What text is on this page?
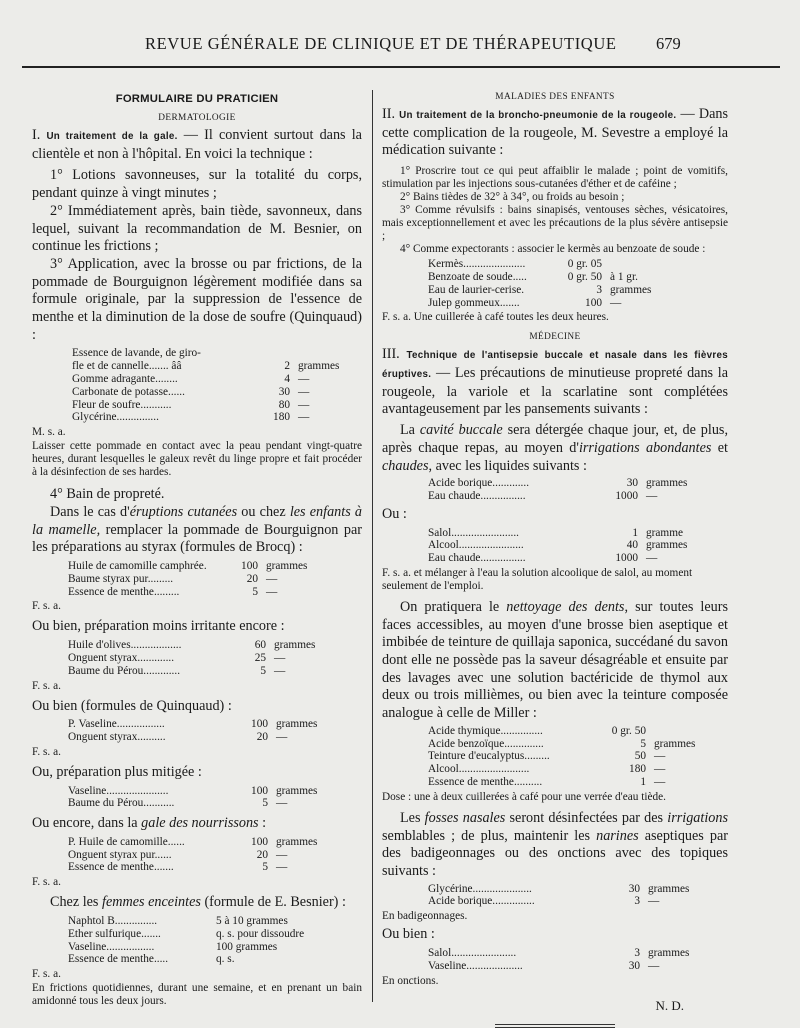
REVUE GÉNÉRALE DE CLINIQUE ET DE THÉRAPEUTIQUE 679
FORMULAIRE DU PRATICIEN
DERMATOLOGIE

I. Un traitement de la gale. — Il convient surtout dans la clientèle et non à l'hôpital. En voici la technique :

1° Lotions savonneuses, sur la totalité du corps, pendant quinze à vingt minutes ;

2° Immédiatement après, bain tiède, savonneux, dans lequel, suivant la recommandation de M. Besnier, on continue les frictions ;

3° Application, avec la brosse ou par frictions, de la pommade de Bourguignon légèrement modifiée dans sa formule originale, par la suppression de l'essence de menthe et la diminution de la dose de soufre (Quinquaud) :

Essence de lavande, de giro-
fle et de cannelle....... ââ	2 grammes
Gomme adragante........	4 —
Carbonate de potasse......	30 —
Fleur de soufre...........	80 —
Glycérine...............	180 —

M. s. a.

Laisser cette pommade en contact avec la peau pendant vingt-quatre heures, durant lesquelles le galeux revêt du linge propre et fait procéder à la désinfection de ses hardes.

4° Bain de propreté.

Dans le cas d'éruptions cutanées ou chez les enfants à la mamelle, remplacer la pommade de Bourguignon par les préparations au styrax (formules de Brocq) :

Huile de camomille camphrée.	100 grammes
Baume styrax pur.........	20 —
Essence de menthe.........	5 —

F. s. a.

Ou bien, préparation moins irritante encore :

Huile d'olives..................	60 grammes
Onguent styrax.............	25 —
Baume du Pérou.............	5 —

F. s. a.

Ou bien (formules de Quinquaud) :

P. Vaseline.................	100 grammes
Onguent styrax..........	20 —

F. s. a.

Ou, préparation plus mitigée :

Vaseline......................	100 grammes
Baume du Pérou...........	5 —

Ou encore, dans la gale des nourrissons :

P. Huile de camomille......	100 grammes
Onguent styrax pur......	20 —
Essence de menthe.......	5 —

F. s. a.

Chez les femmes enceintes (formule de E. Besnier) :

Naphtol B...............	5 à 10 grammes
Ether sulfurique.......	q. s. pour dissoudre
Vaseline.................	100 grammes
Essence de menthe.....	q. s.

F. s. a.

En frictions quotidiennes, durant une semaine, et en prenant un bain amidonné tous les deux jours.

MALADIES DES ENFANTS

II. Un traitement de la broncho-pneumonie de la rougeole. — Dans cette complication de la rougeole, M. Sevestre a employé la médication suivante :

1° Proscrire tout ce qui peut affaiblir le malade ; point de vomitifs, stimulation par les injections sous-cutanées d'éther et de caféine ;

2° Bains tièdes de 32° à 34°, ou froids au besoin ;

3° Comme révulsifs : bains sinapisés, ventouses sèches, vésicatoires, mais exceptionnellement et avec les précautions de la plus sévère antisepsie ;

4° Comme expectorants : associer le kermès au benzoate de soude :

Kermès......................	0 gr. 05
Benzoate de soude.....	0 gr. 50 à 1 gr.
Eau de laurier-cerise.	3 grammes
Julep gommeux.......	100 —

F. s. a. Une cuillerée à café toutes les deux heures.

MÉDECINE

III. Technique de l'antisepsie buccale et nasale dans les fièvres éruptives. — Les précautions de minutieuse propreté dans la rougeole, la variole et la scarlatine sont complétées avantageusement par les pansements suivants :

La cavité buccale sera détergée chaque jour, et, de plus, après chaque repas, au moyen d'irrigations abondantes et chaudes, avec les liquides suivants :

Acide borique.............	30 grammes
Eau chaude................	1000 —

Ou :

Salol........................	1 gramme
Alcool.......................	40 grammes
Eau chaude................	1000 —

F. s. a. et mélanger à l'eau la solution alcoolique de salol, au moment seulement de l'emploi.

On pratiquera le nettoyage des dents, sur toutes leurs faces accessibles, au moyen d'une brosse bien aseptique et imbibée de teinture de quillaja saponica, succédané du savon dont elle ne possède pas la saveur désagréable et ensuite par des lavages avec une solution bactéricide de thymol aux deux ou trois millièmes, ou bien avec la teinture composée analogue à celle de Miller :

Acide thymique...............	0 gr. 50
Acide benzoïque..............	5 grammes
Teinture d'eucalyptus.........	50 —
Alcool.........................	180 —
Essence de menthe..........	1 —

Dose : une à deux cuillerées à café pour une verrée d'eau tiède.

Les fosses nasales seront désinfectées par des irrigations semblables ; de plus, maintenir les narines aseptiques par des badigeonnages ou des onctions avec des topiques suivants :

Glycérine.....................	30 grammes
Acide borique...............	3 —

En badigeonnages.

Ou bien :

Salol.......................	3 grammes
Vaseline....................	30 —

En onctions.

N. D.
